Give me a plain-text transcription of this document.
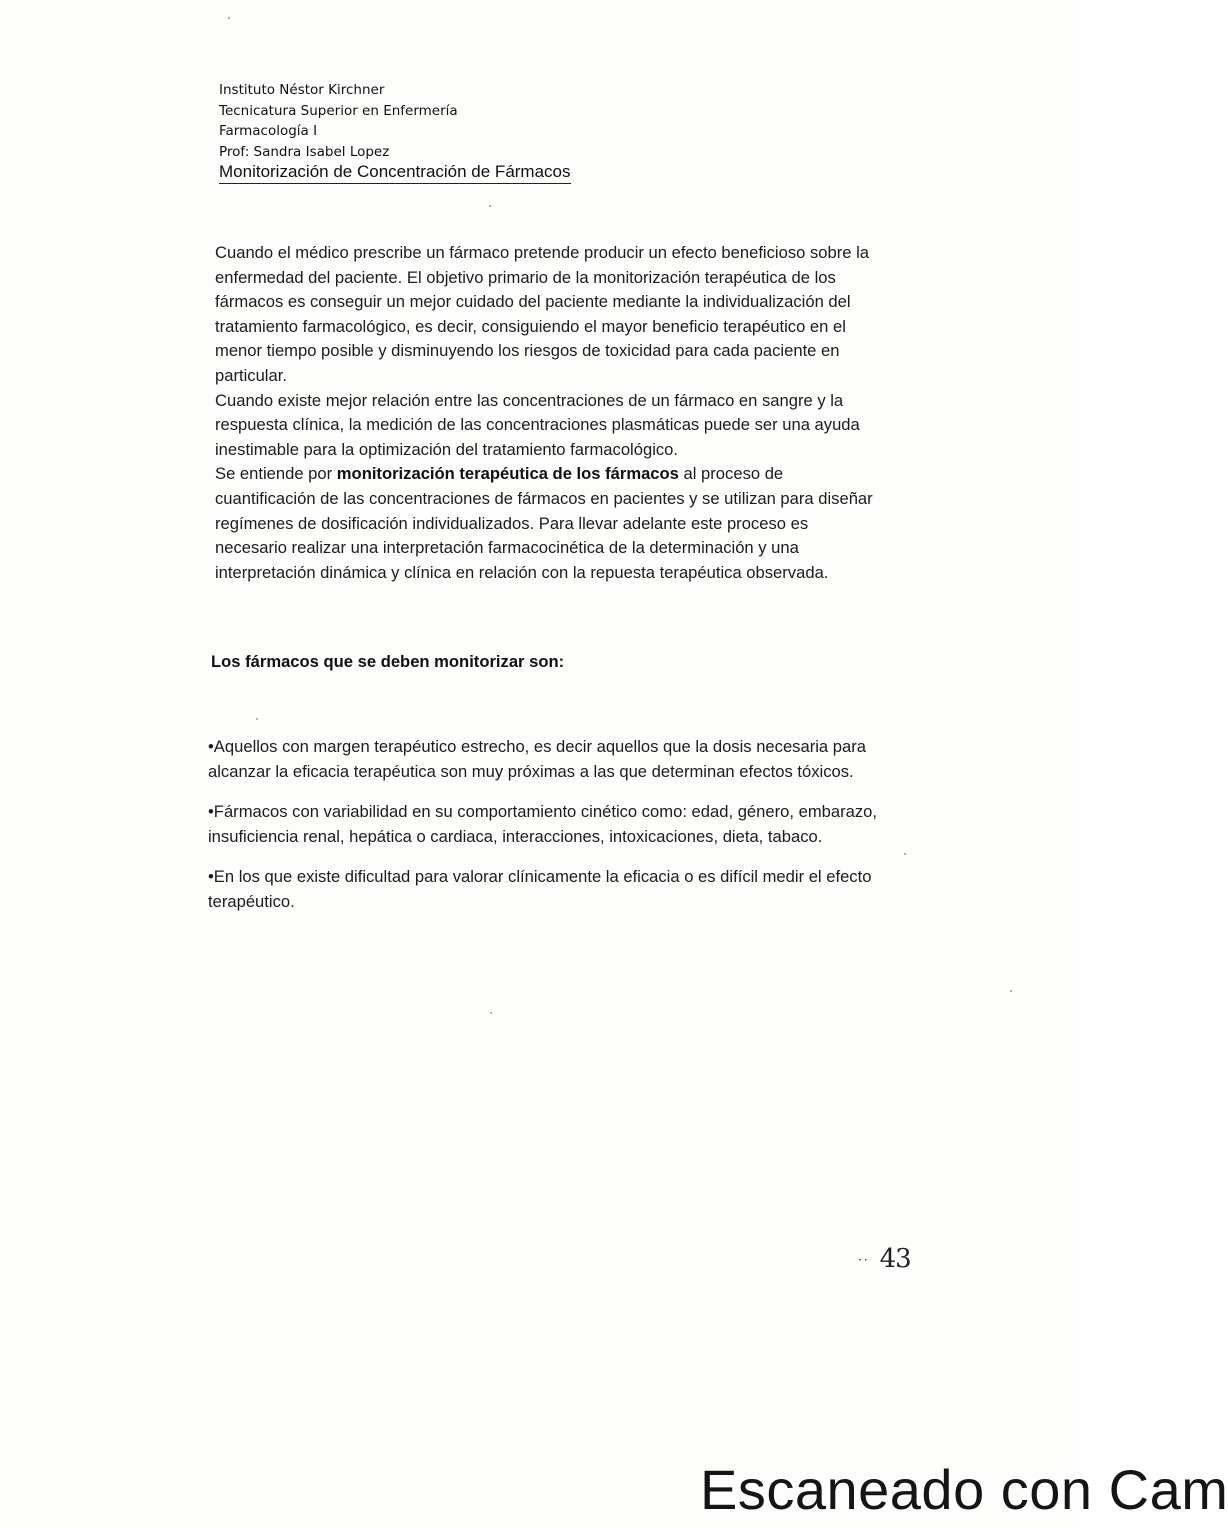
Instituto Néstor Kirchner
Tecnicatura Superior en Enfermería
Farmacología I
Prof: Sandra Isabel Lopez
Monitorización de Concentración de Fármacos

Cuando el médico prescribe un fármaco pretende producir un efecto beneficioso sobre la enfermedad del paciente. El objetivo primario de la monitorización terapéutica de los fármacos es conseguir un mejor cuidado del paciente mediante la individualización del tratamiento farmacológico, es decir, consiguiendo el mayor beneficio terapéutico en el menor tiempo posible y disminuyendo los riesgos de toxicidad para cada paciente en particular.

Cuando existe mejor relación entre las concentraciones de un fármaco en sangre y la respuesta clínica, la medición de las concentraciones plasmáticas puede ser una ayuda inestimable para la optimización del tratamiento farmacológico.

Se entiende por monitorización terapéutica de los fármacos al proceso de cuantificación de las concentraciones de fármacos en pacientes y se utilizan para diseñar regímenes de dosificación individualizados. Para llevar adelante este proceso es necesario realizar una interpretación farmacocinética de la determinación y una interpretación dinámica y clínica en relación con la repuesta terapéutica observada.

Los fármacos que se deben monitorizar son:

•Aquellos con margen terapéutico estrecho, es decir aquellos que la dosis necesaria para alcanzar la eficacia terapéutica son muy próximas a las que determinan efectos tóxicos.

•Fármacos con variabilidad en su comportamiento cinético como: edad, género, embarazo, insuficiencia renal, hepática o cardiaca, interacciones, intoxicaciones, dieta, tabaco.

•En los que existe dificultad para valorar clínicamente la eficacia o es difícil medir el efecto terapéutico.

·· 43
Escaneado con Cam
